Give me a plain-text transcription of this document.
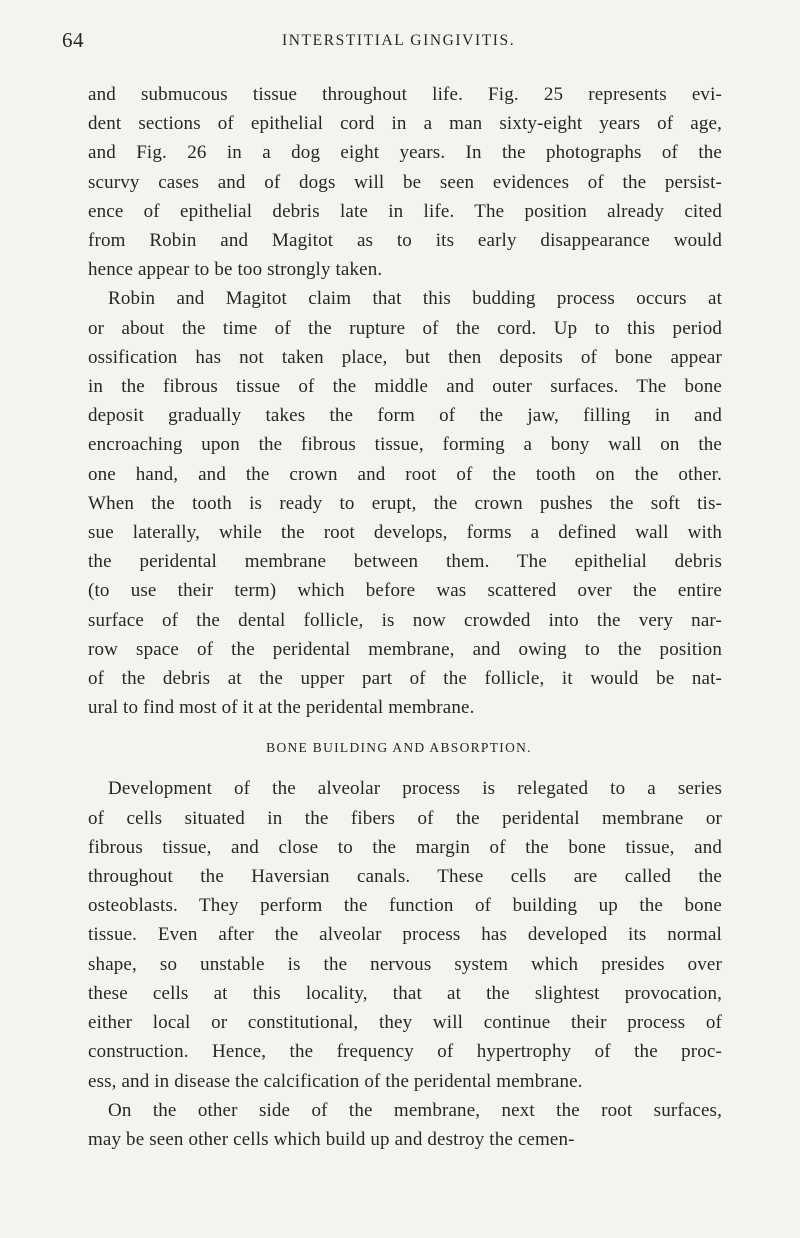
64	INTERSTITIAL GINGIVITIS.

and submucous tissue throughout life. Fig. 25 represents evi-
dent sections of epithelial cord in a man sixty-eight years of age,
and Fig. 26 in a dog eight years. In the photographs of the
scurvy cases and of dogs will be seen evidences of the persist-
ence of epithelial debris late in life. The position already cited
from Robin and Magitot as to its early disappearance would
hence appear to be too strongly taken.

Robin and Magitot claim that this budding process occurs at
or about the time of the rupture of the cord. Up to this period
ossification has not taken place, but then deposits of bone appear
in the fibrous tissue of the middle and outer surfaces. The bone
deposit gradually takes the form of the jaw, filling in and
encroaching upon the fibrous tissue, forming a bony wall on the
one hand, and the crown and root of the tooth on the other.
When the tooth is ready to erupt, the crown pushes the soft tis-
sue laterally, while the root develops, forms a defined wall with
the peridental membrane between them. The epithelial debris
(to use their term) which before was scattered over the entire
surface of the dental follicle, is now crowded into the very nar-
row space of the peridental membrane, and owing to the position
of the debris at the upper part of the follicle, it would be nat-
ural to find most of it at the peridental membrane.

BONE BUILDING AND ABSORPTION.

Development of the alveolar process is relegated to a series
of cells situated in the fibers of the peridental membrane or
fibrous tissue, and close to the margin of the bone tissue, and
throughout the Haversian canals. These cells are called the
osteoblasts. They perform the function of building up the bone
tissue. Even after the alveolar process has developed its normal
shape, so unstable is the nervous system which presides over
these cells at this locality, that at the slightest provocation,
either local or constitutional, they will continue their process of
construction. Hence, the frequency of hypertrophy of the proc-
ess, and in disease the calcification of the peridental membrane.

On the other side of the membrane, next the root surfaces,
may be seen other cells which build up and destroy the cemen-
